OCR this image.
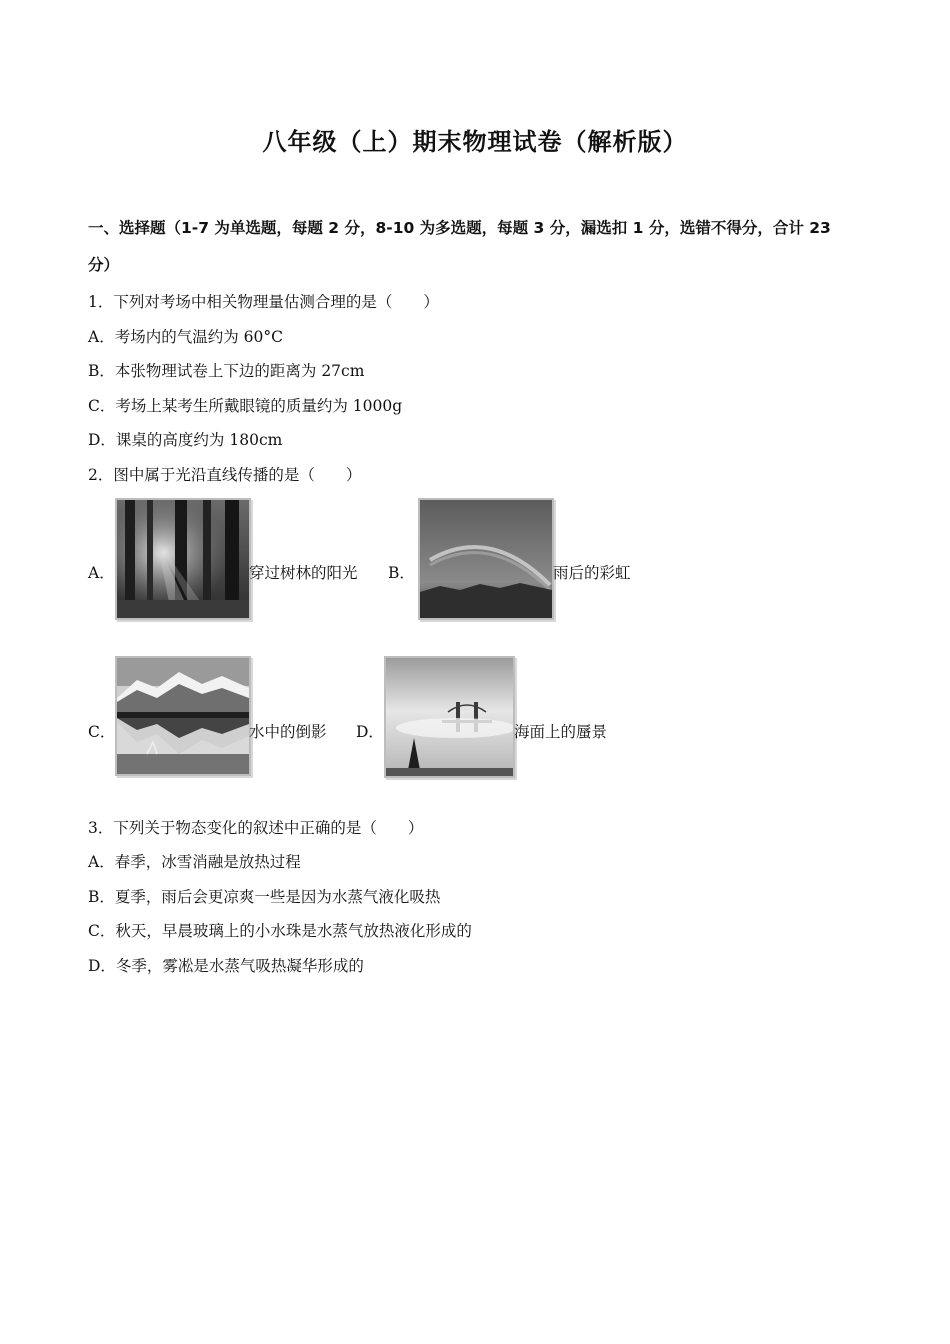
八年级（上）期末物理试卷（解析版）
一、选择题（1-7 为单选题，每题 2 分，8-10 为多选题，每题 3 分，漏选扣 1 分，选错不得分，合计 23
分）
1．下列对考场中相关物理量估测合理的是（　　）
A．考场内的气温约为 60°C
B．本张物理试卷上下边的距离为 27cm
C．考场上某考生所戴眼镜的质量约为 1000g
D．课桌的高度约为 180cm
2．图中属于光沿直线传播的是（　　）
A．	穿过树林的阳光 B．	雨后的彩虹
C．	水中的倒影 D．	海面上的蜃景
3．下列关于物态变化的叙述中正确的是（　　）
A．春季，冰雪消融是放热过程
B．夏季，雨后会更凉爽一些是因为水蒸气液化吸热
C．秋天，早晨玻璃上的小水珠是水蒸气放热液化形成的
D．冬季，雾凇是水蒸气吸热凝华形成的
